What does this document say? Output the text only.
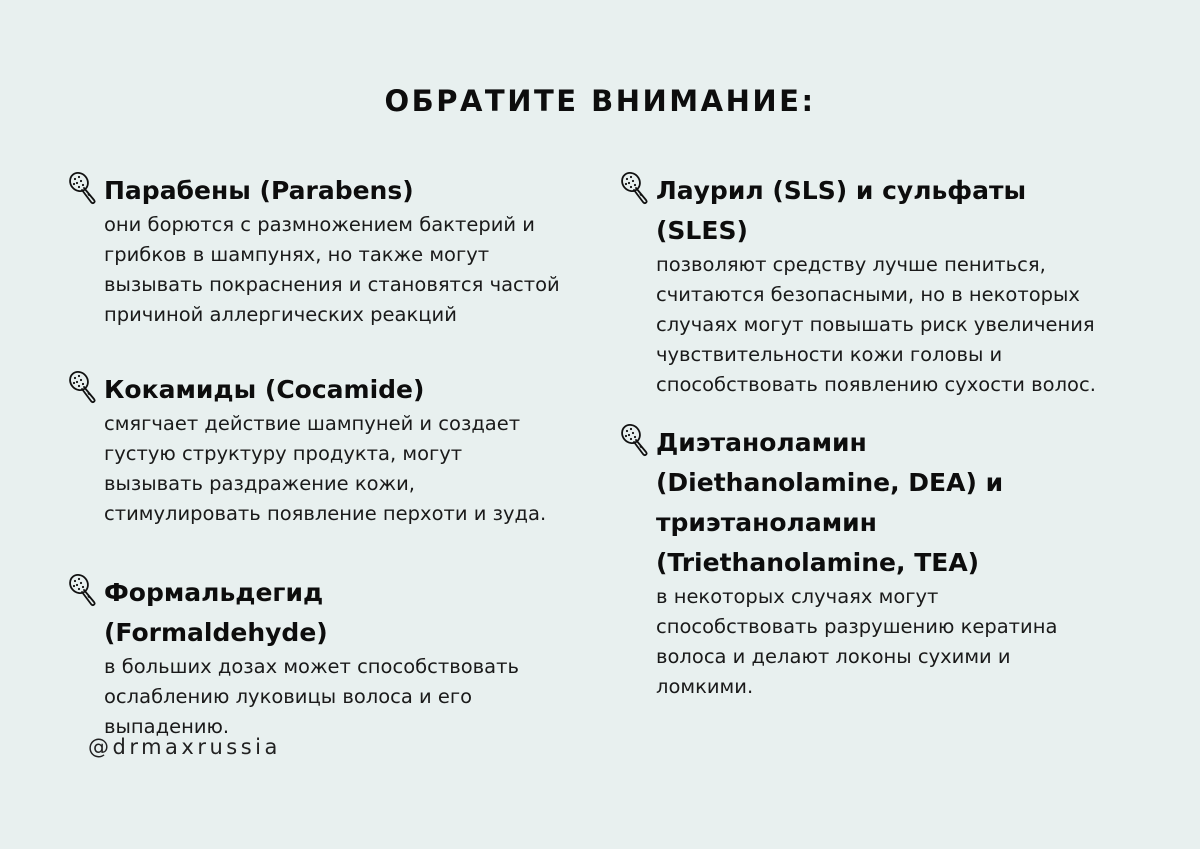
ОБРАТИТЕ ВНИМАНИЕ:
Парабены (Parabens)
они борются с размножением бактерий и грибков в шампунях, но также могут вызывать покраснения и становятся частой причиной аллергических реакций
Кокамиды (Cocamide)
смягчает действие шампуней и создает густую структуру продукта, могут вызывать раздражение кожи, стимулировать появление перхоти и зуда.
Формальдегид (Formaldehyde)
в больших дозах может способствовать ослаблению луковицы волоса и его выпадению.
Лаурил (SLS) и сульфаты (SLES)
позволяют средству лучше пениться, считаются безопасными, но в некоторых случаях могут повышать риск увеличения чувствительности кожи головы и способствовать появлению сухости волос.
Диэтаноламин (Diethanolamine, DEA) и триэтаноламин (Triethanolamine, TEA)
в некоторых случаях могут способствовать разрушению кератина волоса и делают локоны сухими и ломкими.
@drmaxrussia
